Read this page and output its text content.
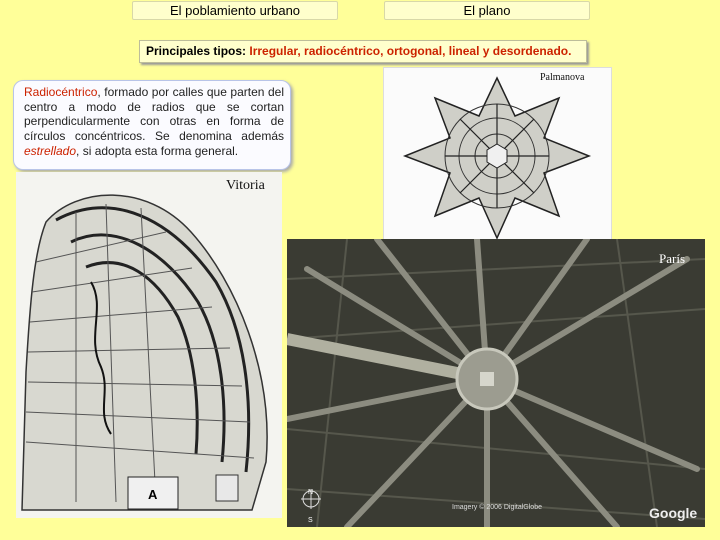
El poblamiento urbano	El plano
Principales tipos: Irregular, radiocéntrico, ortogonal, lineal y desordenado.
Radiocéntrico, formado por calles que parten del centro a modo de radios que se cortan perpendicularmente con otras en forma de círculos concéntricos. Se denomina además estrellado, si adopta esta forma general.
A
Vitoria
Palmanova
París
N
S
Imagery © 2006 DigitalGlobe	Google
